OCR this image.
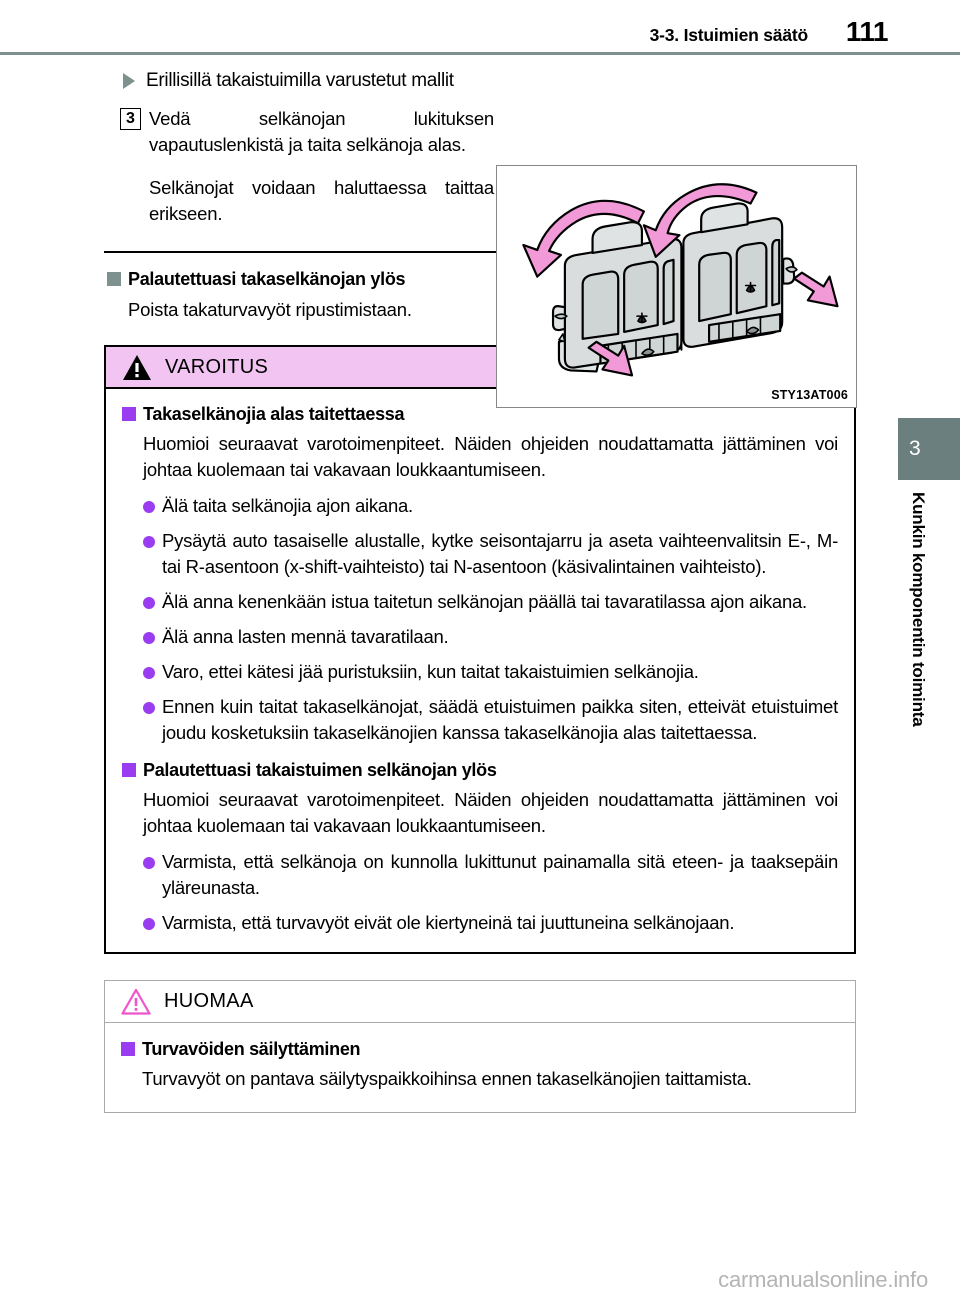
3-3. Istuimien säätö	111
3
Kunkin komponentin toiminta
Erillisillä takaistuimilla varustetut mallit
3 Vedä selkänojan lukituksen vapautuslenkistä ja taita selkänoja alas.
Selkänojat voidaan haluttaessa taittaa erikseen.
STY13AT006
Palautettuasi takaselkänojan ylös
Poista takaturvavyöt ripustimistaan.
VAROITUS
Takaselkänojia alas taitettaessa
Huomioi seuraavat varotoimenpiteet. Näiden ohjeiden noudattamatta jättäminen voi johtaa kuolemaan tai vakavaan loukkaantumiseen.
Älä taita selkänojia ajon aikana.
Pysäytä auto tasaiselle alustalle, kytke seisontajarru ja aseta vaihteenvalitsin E-, M- tai R-asentoon (x-shift-vaihteisto) tai N-asentoon (käsivalintainen vaihteisto).
Älä anna kenenkään istua taitetun selkänojan päällä tai tavaratilassa ajon aikana.
Älä anna lasten mennä tavaratilaan.
Varo, ettei kätesi jää puristuksiin, kun taitat takaistuimien selkänojia.
Ennen kuin taitat takaselkänojat, säädä etuistuimen paikka siten, etteivät etuistuimet joudu kosketuksiin takaselkänojien kanssa takaselkänojia alas taitettaessa.
Palautettuasi takaistuimen selkänojan ylös
Huomioi seuraavat varotoimenpiteet. Näiden ohjeiden noudattamatta jättäminen voi johtaa kuolemaan tai vakavaan loukkaantumiseen.
Varmista, että selkänoja on kunnolla lukittunut painamalla sitä eteen- ja taaksepäin yläreunasta.
Varmista, että turvavyöt eivät ole kiertyneinä tai juuttuneina selkänojaan.
HUOMAA
Turvavöiden säilyttäminen
Turvavyöt on pantava säilytyspaikkoihinsa ennen takaselkänojien taittamista.
carmanualsonline.info
